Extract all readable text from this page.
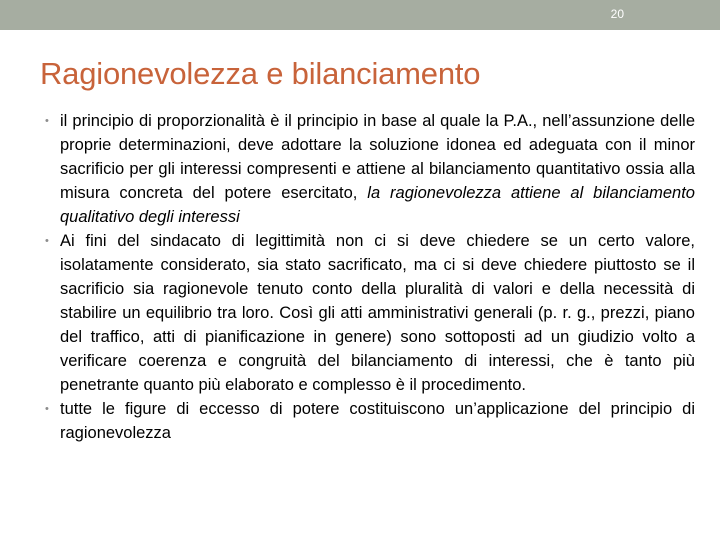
20
Ragionevolezza e bilanciamento
• il principio di proporzionalità è il principio in base al quale la P.A., nell’assunzione delle proprie determinazioni, deve adottare la soluzione idonea ed adeguata con il minor sacrificio per gli interessi compresenti e attiene al bilanciamento quantitativo ossia alla misura concreta del potere esercitato, la ragionevolezza attiene al bilanciamento qualitativo degli interessi
• Ai fini del sindacato di legittimità non ci si deve chiedere se un certo valore, isolatamente considerato, sia stato sacrificato, ma ci si deve chiedere piuttosto se il sacrificio sia ragionevole tenuto conto della pluralità di valori e della necessità di stabilire un equilibrio tra loro. Così gli atti amministrativi generali (p. r. g., prezzi, piano del traffico, atti di pianificazione in genere) sono sottoposti ad un giudizio volto a verificare coerenza e congruità del bilanciamento di interessi, che è tanto più penetrante quanto più elaborato e complesso è il procedimento.
• tutte le figure di eccesso di potere costituiscono un’applicazione del principio di ragionevolezza
